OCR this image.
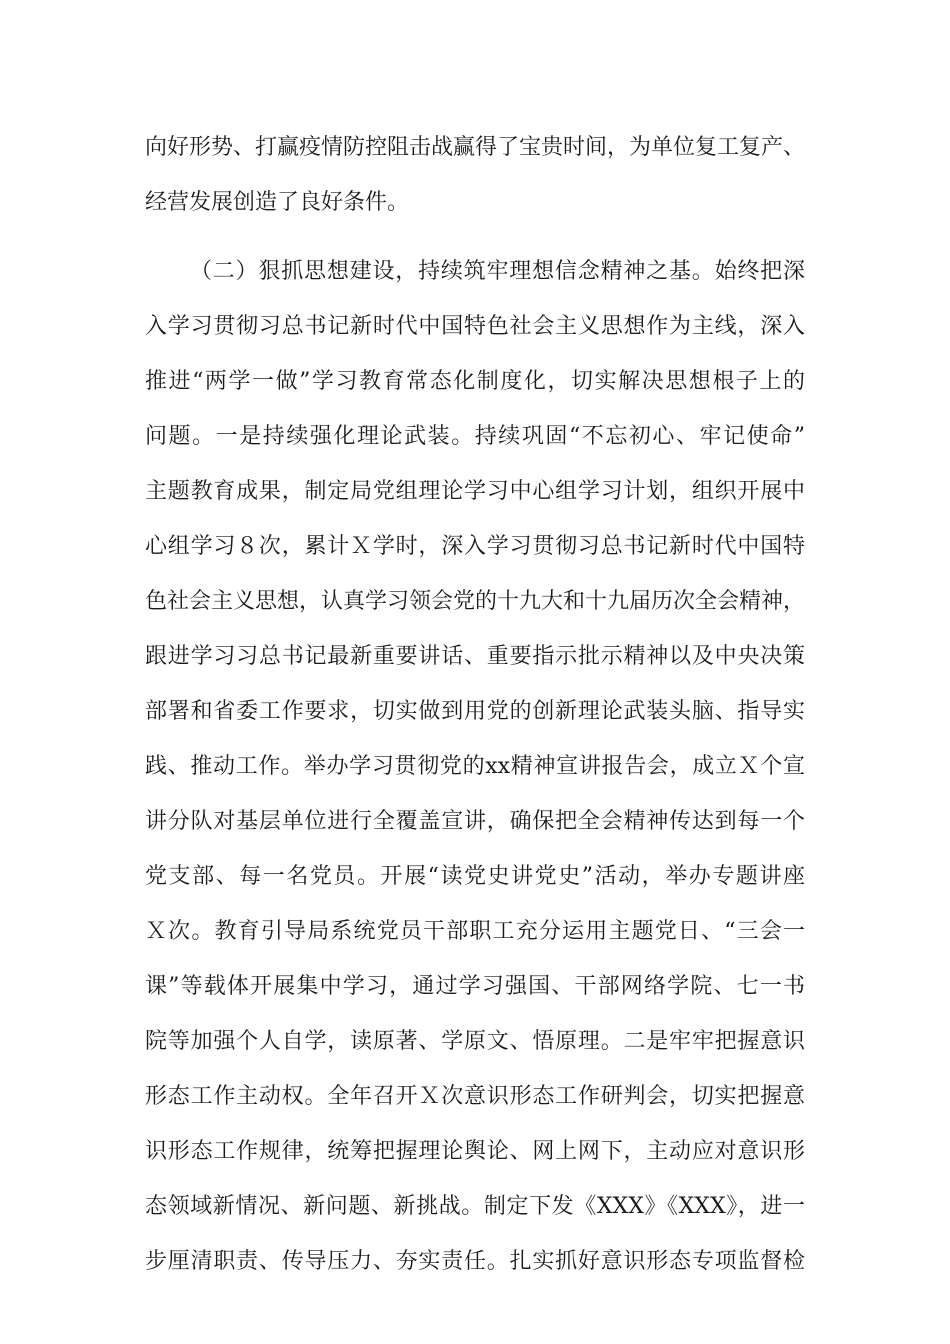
向好形势、打赢疫情防控阻击战赢得了宝贵时间，为单位复工复产、
经营发展创造了良好条件。
（二）狠抓思想建设，持续筑牢理想信念精神之基。始终把深
入学习贯彻习总书记新时代中国特色社会主义思想作为主线，深入
推进“两学一做”学习教育常态化制度化，切实解决思想根子上的
问题。一是持续强化理论武装。持续巩固“不忘初心、牢记使命”
主题教育成果，制定局党组理论学习中心组学习计划，组织开展中
心组学习８次，累计Ｘ学时，深入学习贯彻习总书记新时代中国特
色社会主义思想，认真学习领会党的十九大和十九届历次全会精神，
跟进学习习总书记最新重要讲话、重要指示批示精神以及中央决策
部署和省委工作要求，切实做到用党的创新理论武装头脑、指导实
践、推动工作。举办学习贯彻党的xx精神宣讲报告会，成立Ｘ个宣
讲分队对基层单位进行全覆盖宣讲，确保把全会精神传达到每一个
党支部、每一名党员。开展“读党史讲党史”活动，举办专题讲座
Ｘ次。教育引导局系统党员干部职工充分运用主题党日、“三会一
课”等载体开展集中学习，通过学习强国、干部网络学院、七一书
院等加强个人自学，读原著、学原文、悟原理。二是牢牢把握意识
形态工作主动权。全年召开Ｘ次意识形态工作研判会，切实把握意
识形态工作规律，统筹把握理论舆论、网上网下，主动应对意识形
态领域新情况、新问题、新挑战。制定下发《XXX》《XXX》，进一
步厘清职责、传导压力、夯实责任。扎实抓好意识形态专项监督检
